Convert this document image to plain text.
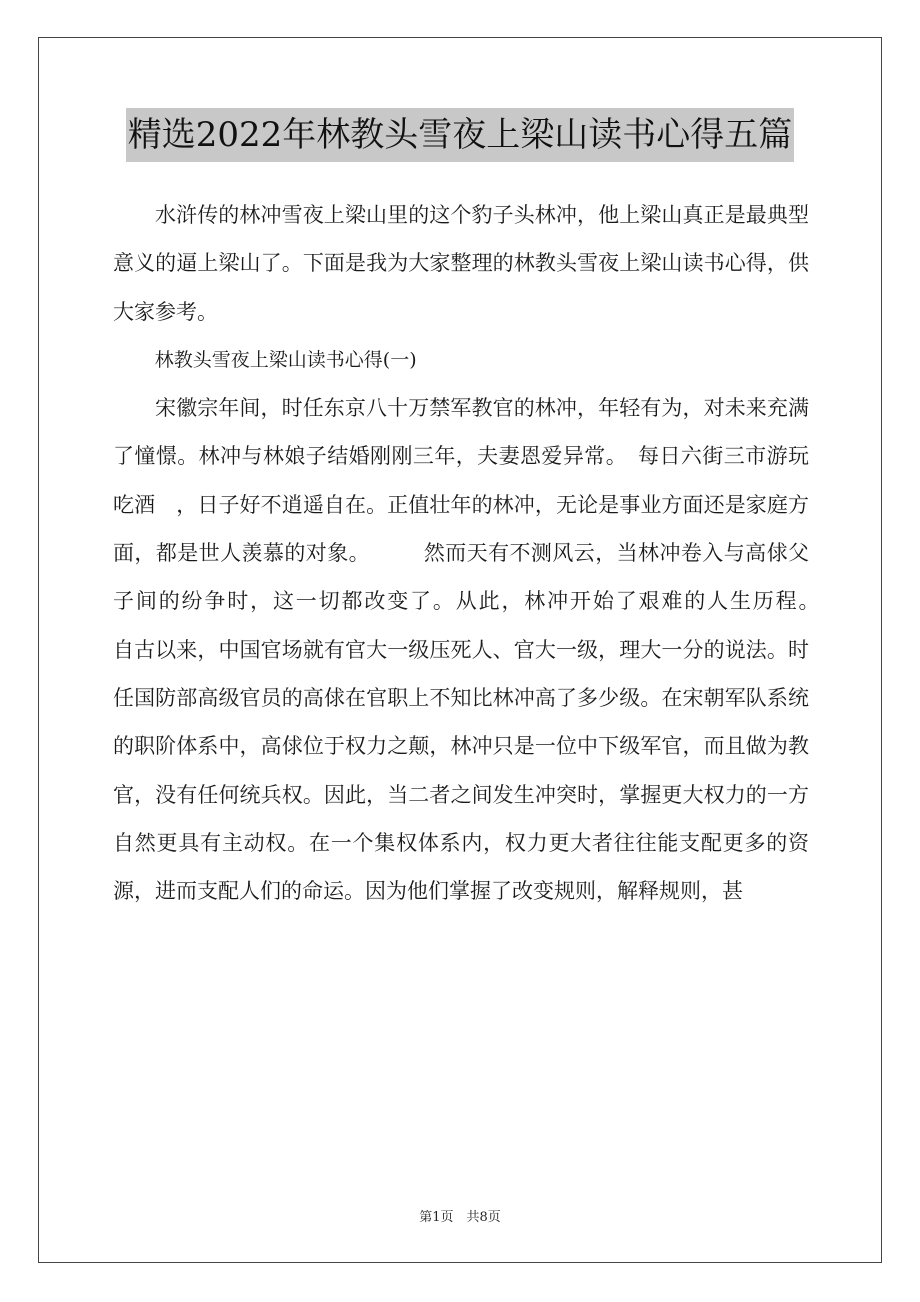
精选2022年林教头雪夜上梁山读书心得五篇

水浒传的林冲雪夜上梁山里的这个豹子头林冲，他上梁山真正是最典型意义的逼上梁山了。下面是我为大家整理的林教头雪夜上梁山读书心得，供大家参考。

林教头雪夜上梁山读书心得(一)

宋徽宗年间，时任东京八十万禁军教官的林冲，年轻有为，对未来充满了憧憬。林冲与林娘子结婚刚刚三年，夫妻恩爱异常。　每日六街三市游玩吃酒　，日子好不逍遥自在。正值壮年的林冲，无论是事业方面还是家庭方面，都是世人羡慕的对象。　　　然而天有不测风云，当林冲卷入与高俅父子间的纷争时，这一切都改变了。从此，林冲开始了艰难的人生历程。　　　自古以来，中国官场就有官大一级压死人、官大一级，理大一分的说法。时任国防部高级官员的高俅在官职上不知比林冲高了多少级。在宋朝军队系统的职阶体系中，高俅位于权力之颠，林冲只是一位中下级军官，而且做为教官，没有任何统兵权。因此，当二者之间发生冲突时，掌握更大权力的一方自然更具有主动权。在一个集权体系内，权力更大者往往能支配更多的资源，进而支配人们的命运。因为他们掌握了改变规则，解释规则，甚

第1页　共8页
